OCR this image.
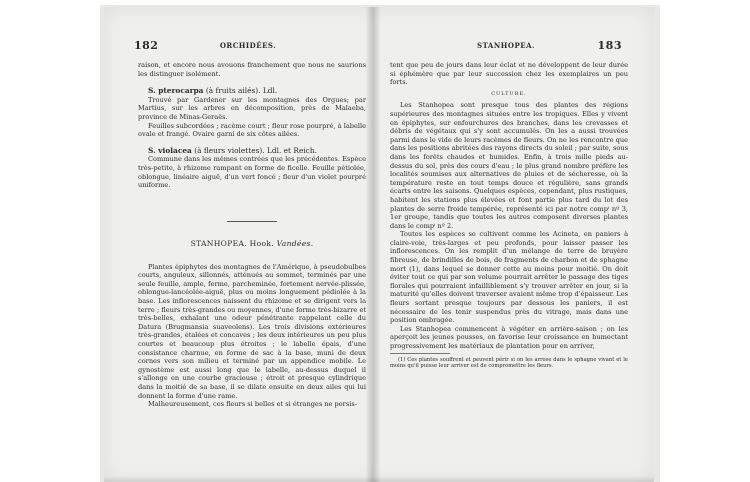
182	ORCHIDÉES.

raison, et encore nous avouons franchement que nous ne saurions les distinguer isolément.

S. pterocarpa (à fruits ailés). Ldl.

Trouvé par Gardener sur les montagnes des Orgues; par Martius, sur les arbres en décomposition, près de Malaeba, province de Minas-Geraës.

Feuilles subcordées ; racème court ; fleur rose pourpré, à labelle ovale et frangé. Ovaire garni de six côtes ailées.

S. violacea (à fleurs violettes). Ldl. et Reich.

Commune dans les mêmes contrées que les précédentes. Espèce très-petite, à rhizome rampant en forme de ficelle. Feuille pétiolée, oblongue, linéaire aiguë, d'un vert foncé ; fleur d'un violet pourpré uniforme.

STANHOPEA. Hook. Vandées.

Plantes épiphytes des montagnes de l'Amérique, à pseudobulbes courts, anguleux, sillonnés, atténués au sommet, terminés par une seule feuille, ample, ferme, parcheminée, fortement nervée-plissée, oblongue-lancéolée-aiguë, plus ou moins longuement pédiolée à la base. Les inflorescences naissent du rhizome et se dirigent vers la terre ; fleurs très-grandes ou moyennes, d'une forme très-bizarre et très-belles, exhalant une odeur pénétrante rappelant celle du Datura (Brugmansia suaveolens). Les trois divisions extérieures très-grandes, étalées et concaves ; les deux intérieures un peu plus courtes et beaucoup plus étroites ; le labelle épais, d'une consistance charnue, en forme de sac à la base, muni de deux cornes vers son milieu et terminé par un appendice mobile. Le gynostème est aussi long que le labelle, au-dessus duquel il s'allonge en une courbe gracieuse ; étroit et presque cylindrique dans la moitié de sa base, il se dilate ensuite en deux ailes qui lui donnent la forme d'une rame.

Malheureusement, ces fleurs si belles et si étranges ne persis-

STANHOPEA.	183

tent que peu de jours dans leur éclat et ne développent de leur durée si éphémère que par leur succession chez les exemplaires un peu forts.

CULTURE.

Les Stanhopea sont presque tous des plantes des régions supérieures des montagnes situées entre les tropiques. Elles y vivent en épiphytes, sur enfourchures des branches, dans les crevasses et débris de végétaux qui s'y sont accumulés. On les a aussi trouvées parmi dans le vide de leurs racèmes de fleurs. On ne les rencontre que dans les positions abritées des rayons directs du soleil ; par suite, sous dans les forêts chaudes et humides. Enfin, à trois mille pieds au-dessus du sol, près des cours d'eau ; le plus grand nombre préfère les localités soumises aux alternatives de pluies et de sécheresse, où la température reste en tout temps douce et régulière, sans grands écarts entre les saisons. Quelques espèces, cependant, plus rustiques, habitent les stations plus élevées et font partie plus tard du lot des plantes de serre froide tempérée, représenté ici par notre compⁱ nº 3, 1er groupe, tandis que toutes les autres composent diverses plantes dans le compⁱ nº 2.

Toutes les espèces se cultivent comme les Acineta, en paniers à claire-voie, très-larges et peu profonds, pour laisser passer les inflorescences. On les remplit d'un mélange de terre de bruyère fibreuse, de brindilles de bois, de fragments de charbon et de sphagne mort (1), dans lequel se donner cette au moins pour moitié. On doit éviter tout ce qui par son volume pourrait arrêter le passage des tiges florales qui pourraient infailliblement s'y trouver arrêter en jour, si la maturité qu'elles doivent traverser avaient même trop d'épaisseur. Les fleurs sortant presque toujours par dessous les paniers, il est nécessaire de les tenir suspendus près du vitrage, mais dans une position ombragée.

Les Stanhopea commencent à végéter en arrière-saison ; on les aperçoit les jeunes pousses, on favorise leur croissance en humectant progressivement les matériaux de plantation pour en arriver,

(1) Ces plantes souffrent et peuvent périr si on les arrose dans le sphagne vivant et le moins qu'il puisse leur arriver est de compromettre les fleurs.
